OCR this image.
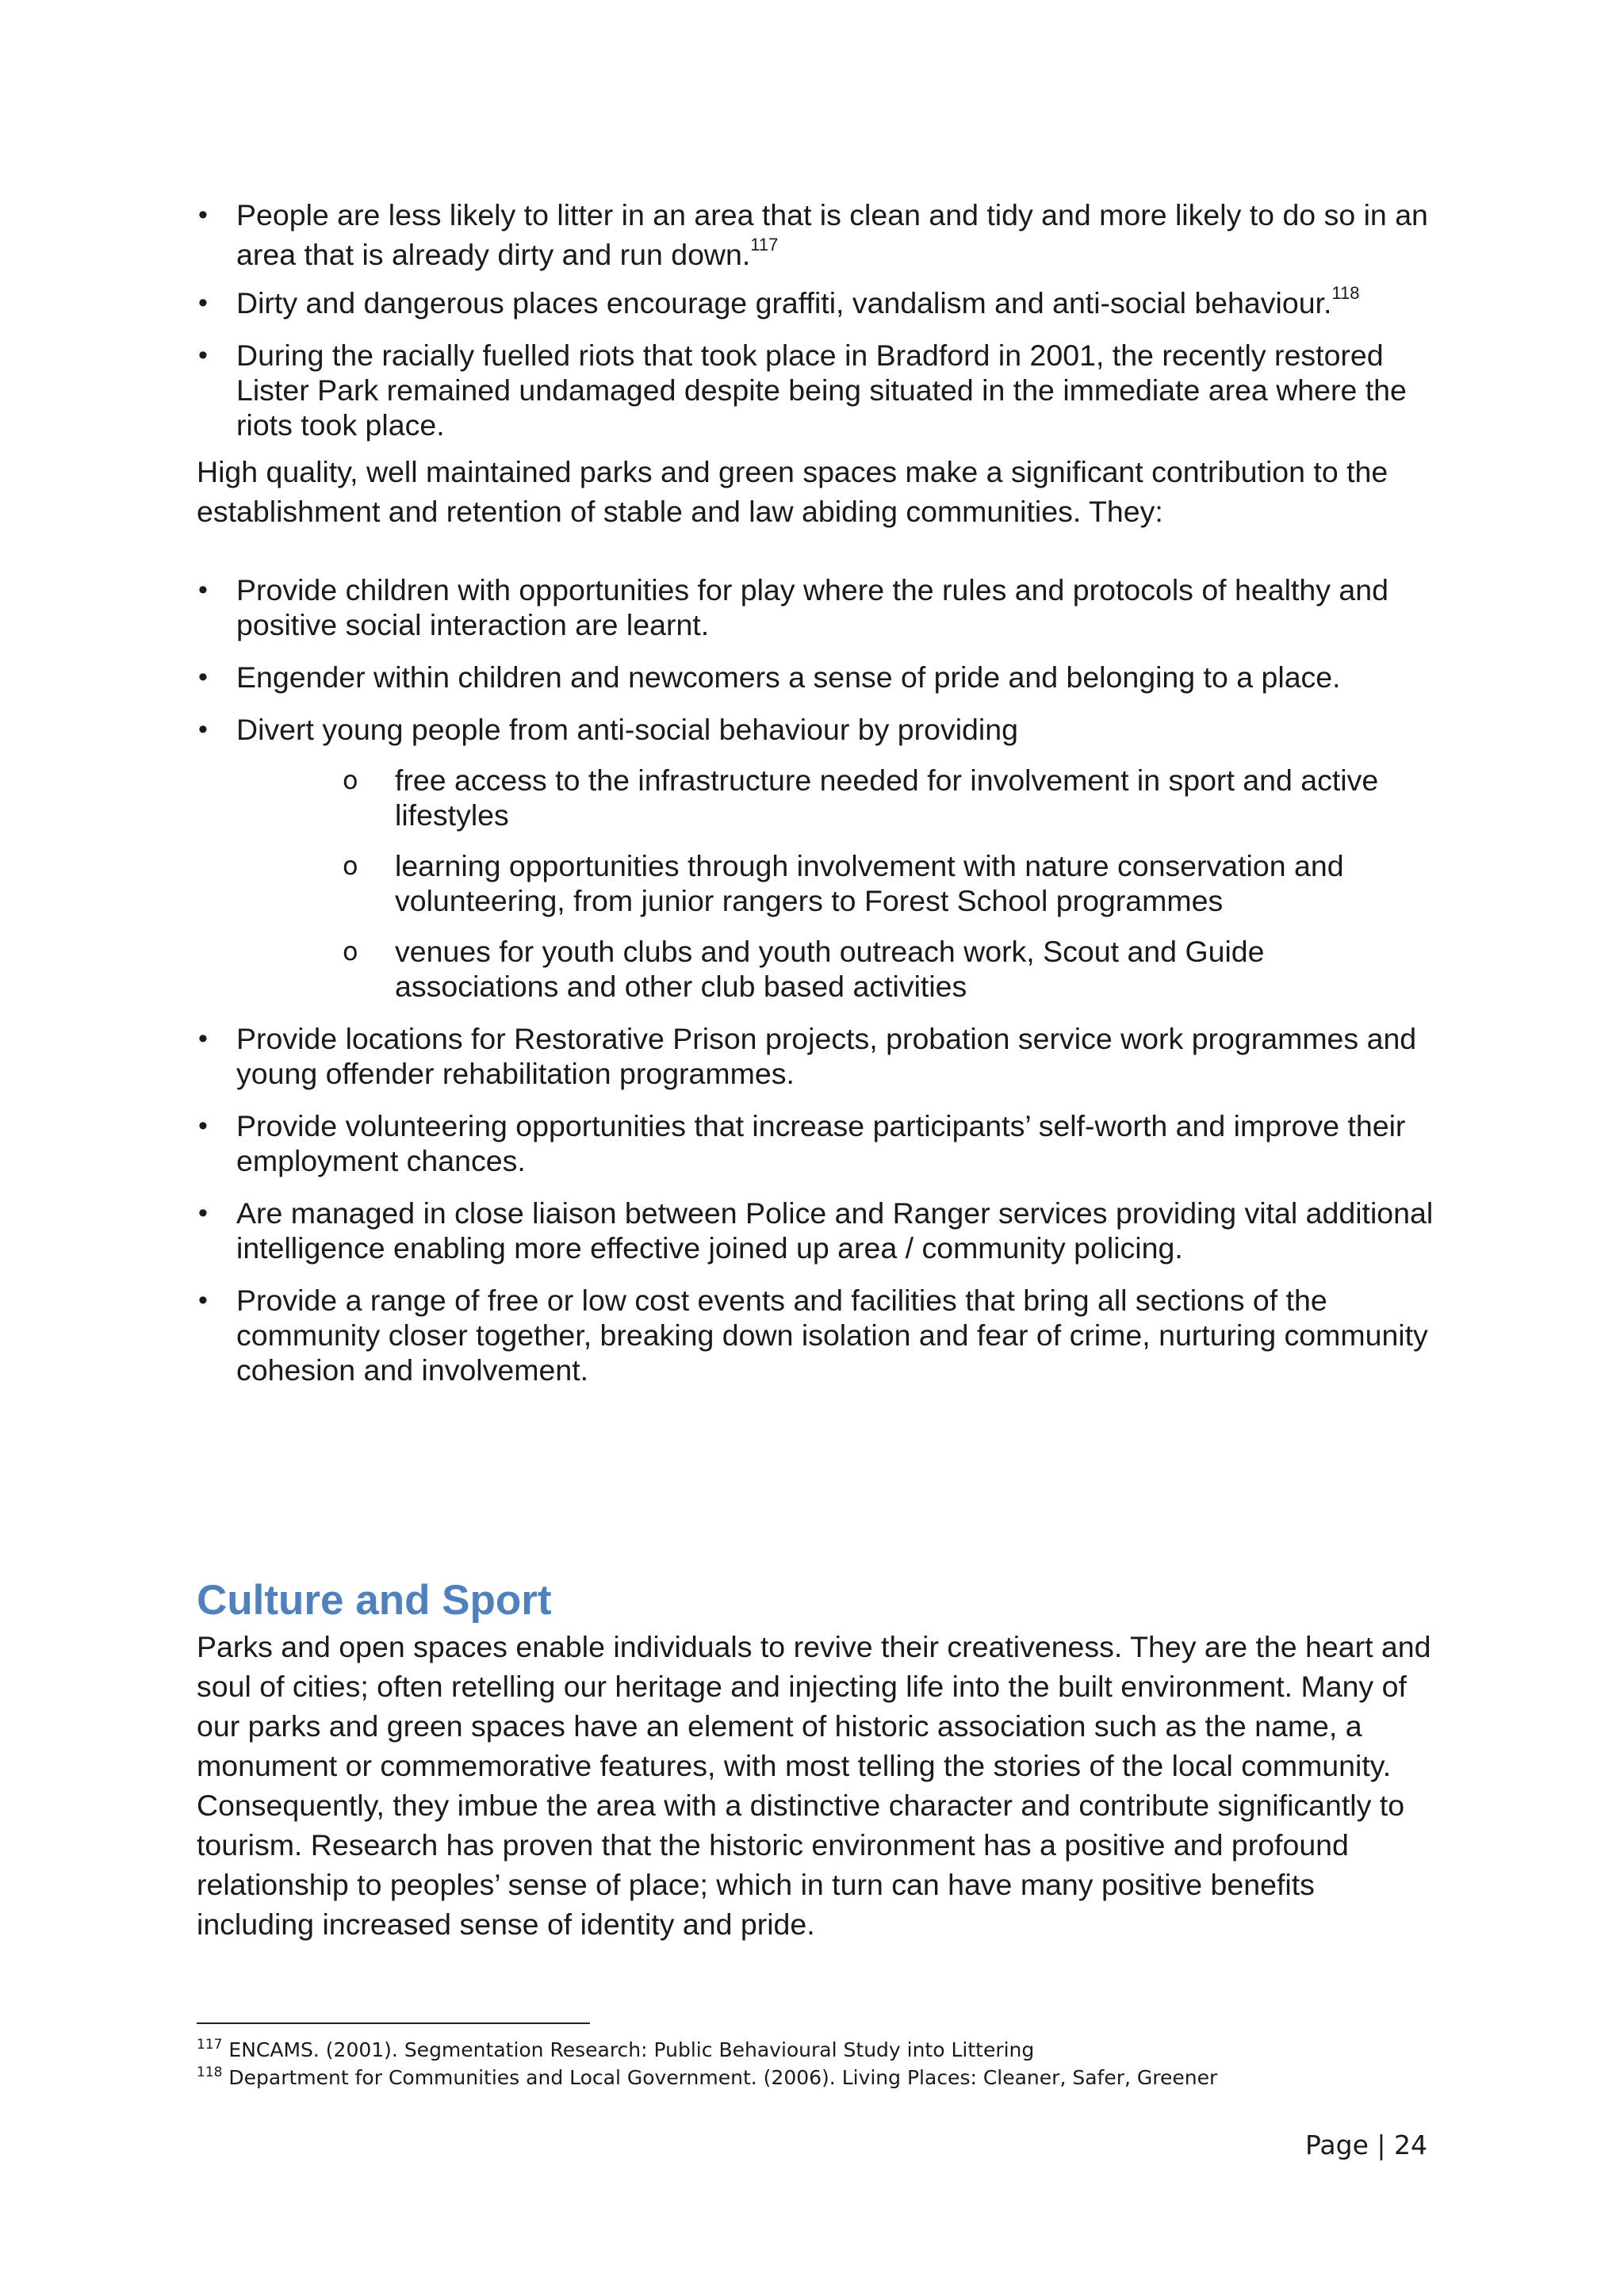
• People are less likely to litter in an area that is clean and tidy and more likely to do so in an area that is already dirty and run down.$^{117}$
• Dirty and dangerous places encourage graffiti, vandalism and anti-social behaviour.$^{118}$
• During the racially fuelled riots that took place in Bradford in 2001, the recently restored Lister Park remained undamaged despite being situated in the immediate area where the riots took place.

High quality, well maintained parks and green spaces make a significant contribution to the establishment and retention of stable and law abiding communities. They:

• Provide children with opportunities for play where the rules and protocols of healthy and positive social interaction are learnt.
• Engender within children and newcomers a sense of pride and belonging to a place.
• Divert young people from anti-social behaviour by providing
o free access to the infrastructure needed for involvement in sport and active lifestyles
o learning opportunities through involvement with nature conservation and volunteering, from junior rangers to Forest School programmes
o venues for youth clubs and youth outreach work, Scout and Guide associations and other club based activities
• Provide locations for Restorative Prison projects, probation service work programmes and young offender rehabilitation programmes.
• Provide volunteering opportunities that increase participants’ self-worth and improve their employment chances.
• Are managed in close liaison between Police and Ranger services providing vital additional intelligence enabling more effective joined up area / community policing.
• Provide a range of free or low cost events and facilities that bring all sections of the community closer together, breaking down isolation and fear of crime, nurturing community cohesion and involvement.
Culture and Sport

Parks and open spaces enable individuals to revive their creativeness. They are the heart and soul of cities; often retelling our heritage and injecting life into the built environment. Many of our parks and green spaces have an element of historic association such as the name, a monument or commemorative features, with most telling the stories of the local community. Consequently, they imbue the area with a distinctive character and contribute significantly to tourism. Research has proven that the historic environment has a positive and profound relationship to peoples’ sense of place; which in turn can have many positive benefits including increased sense of identity and pride.

$^{117}$ ENCAMS. (2001). Segmentation Research: Public Behavioural Study into Littering
$^{118}$ Department for Communities and Local Government. (2006). Living Places: Cleaner, Safer, Greener
Page | 24
